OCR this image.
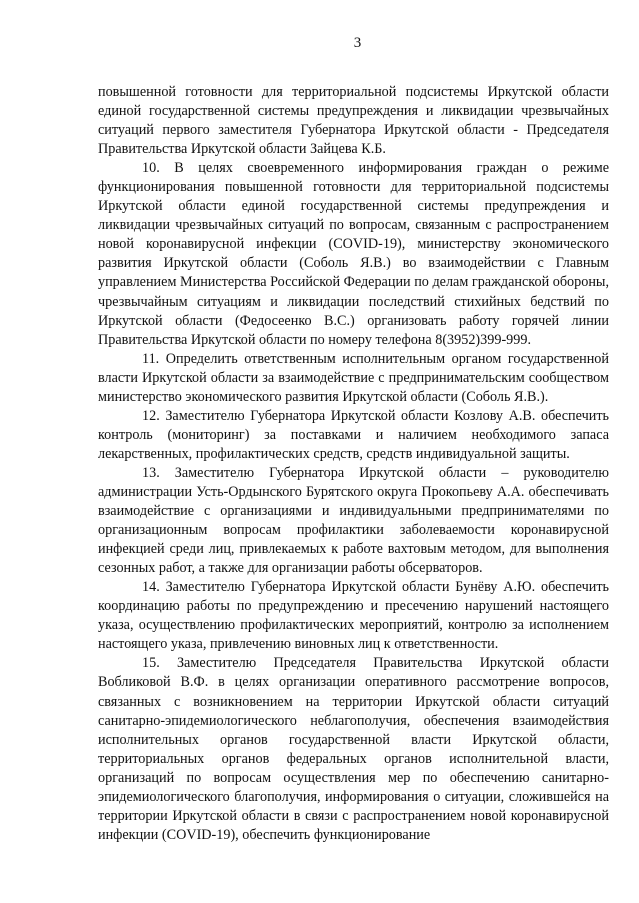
3

повышенной готовности для территориальной подсистемы Иркутской области единой государственной системы предупреждения и ликвидации чрезвычайных ситуаций первого заместителя Губернатора Иркутской области - Председателя Правительства Иркутской области Зайцева К.Б.

10. В целях своевременного информирования граждан о режиме функционирования повышенной готовности для территориальной подсистемы Иркутской области единой государственной системы предупреждения и ликвидации чрезвычайных ситуаций по вопросам, связанным с распространением новой коронавирусной инфекции (COVID-19), министерству экономического развития Иркутской области (Соболь Я.В.) во взаимодействии с Главным управлением Министерства Российской Федерации по делам гражданской обороны, чрезвычайным ситуациям и ликвидации последствий стихийных бедствий по Иркутской области (Федосеенко В.С.) организовать работу горячей линии Правительства Иркутской области по номеру телефона 8(3952)399-999.

11. Определить ответственным исполнительным органом государственной власти Иркутской области за взаимодействие с предпринимательским сообществом министерство экономического развития Иркутской области (Соболь Я.В.).

12. Заместителю Губернатора Иркутской области Козлову А.В. обеспечить контроль (мониторинг) за поставками и наличием необходимого запаса лекарственных, профилактических средств, средств индивидуальной защиты.

13. Заместителю Губернатора Иркутской области – руководителю администрации Усть-Ордынского Бурятского округа Прокопьеву А.А. обеспечивать взаимодействие с организациями и индивидуальными предпринимателями по организационным вопросам профилактики заболеваемости коронавирусной инфекцией среди лиц, привлекаемых к работе вахтовым методом, для выполнения сезонных работ, а также для организации работы обсерваторов.

14. Заместителю Губернатора Иркутской области Бунёву А.Ю. обеспечить координацию работы по предупреждению и пресечению нарушений настоящего указа, осуществлению профилактических мероприятий, контролю за исполнением настоящего указа, привлечению виновных лиц к ответственности.

15. Заместителю Председателя Правительства Иркутской области Вобликовой В.Ф. в целях организации оперативного рассмотрение вопросов, связанных с возникновением на территории Иркутской области ситуаций санитарно-эпидемиологического неблагополучия, обеспечения взаимодействия исполнительных органов государственной власти Иркутской области, территориальных органов федеральных органов исполнительной власти, организаций по вопросам осуществления мер по обеспечению санитарно-эпидемиологического благополучия, информирования о ситуации, сложившейся на территории Иркутской области в связи с распространением новой коронавирусной инфекции (COVID-19), обеспечить функционирование
